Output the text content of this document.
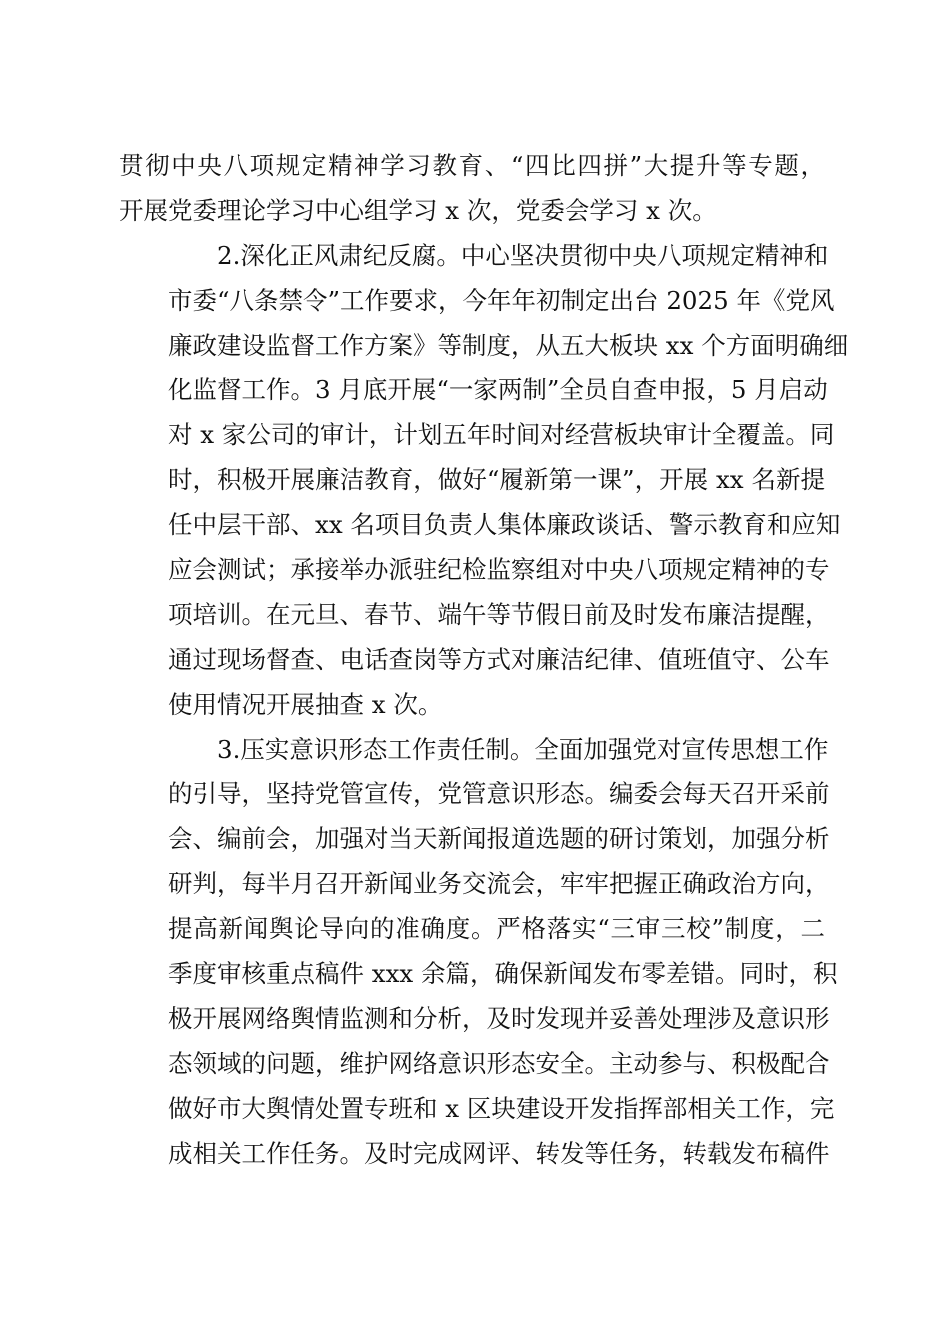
贯彻中央八项规定精神学习教育、“四比四拼”大提升等专题，
开展党委理论学习中心组学习 x 次，党委会学习 x 次。
2.深化正风肃纪反腐。中心坚决贯彻中央八项规定精神和
市委“八条禁令”工作要求，今年年初制定出台 2025 年《党风
廉政建设监督工作方案》等制度，从五大板块 xx 个方面明确细
化监督工作。3 月底开展“一家两制”全员自查申报，5 月启动
对 x 家公司的审计，计划五年时间对经营板块审计全覆盖。同
时，积极开展廉洁教育，做好“履新第一课”，开展 xx 名新提
任中层干部、xx 名项目负责人集体廉政谈话、警示教育和应知
应会测试；承接举办派驻纪检监察组对中央八项规定精神的专
项培训。在元旦、春节、端午等节假日前及时发布廉洁提醒，
通过现场督查、电话查岗等方式对廉洁纪律、值班值守、公车
使用情况开展抽查 x 次。
3.压实意识形态工作责任制。全面加强党对宣传思想工作
的引导，坚持党管宣传，党管意识形态。编委会每天召开采前
会、编前会，加强对当天新闻报道选题的研讨策划，加强分析
研判，每半月召开新闻业务交流会，牢牢把握正确政治方向，
提高新闻舆论导向的准确度。严格落实“三审三校”制度，二
季度审核重点稿件 xxx 余篇，确保新闻发布零差错。同时，积
极开展网络舆情监测和分析，及时发现并妥善处理涉及意识形
态领域的问题，维护网络意识形态安全。主动参与、积极配合
做好市大舆情处置专班和 x 区块建设开发指挥部相关工作，完
成相关工作任务。及时完成网评、转发等任务，转载发布稿件
